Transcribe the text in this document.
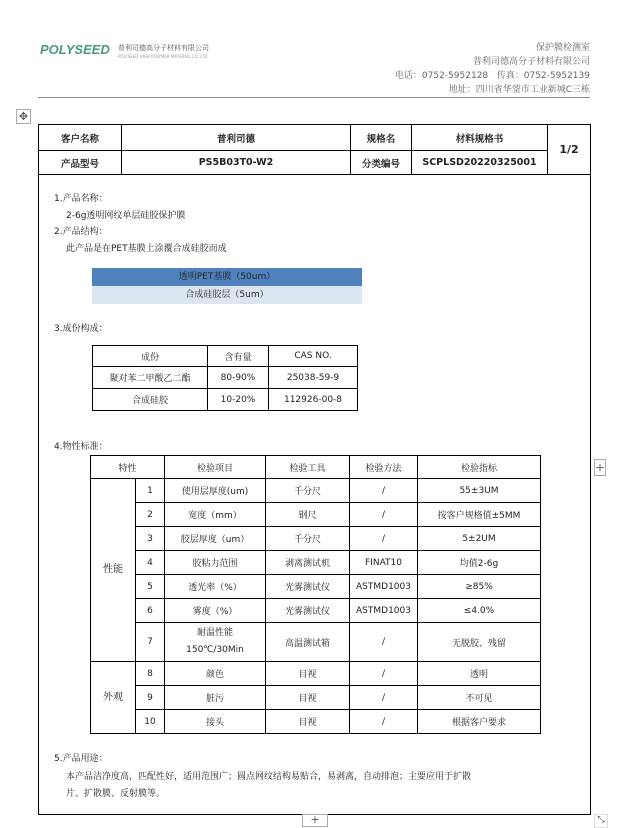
POLYSEED 普利司德高分子材料有限公司
POLYSEED HIGH POLYMER MATERIAL CO.,LTD
保护膜检测室
普利司德高分子材料有限公司
电话：0752-5952128 传真：0752-5952139
地址：四川省华蓥市工业新城C三栋
✥
客户名称	普利司德	规格名	材料规格书	1/2
产品型号	PS5B03T0-W2	分类编号	SCPLSD20220325001	
1.产品名称：
2-6g透明网纹单层硅胶保护膜
2.产品结构：
此产品是在PET基膜上涂覆合成硅胶而成
透明PET基膜（50um）
合成硅胶层（5um）
3.成份构成：
成份	含有量	CAS NO.
聚对苯二甲酸乙二酯	80-90%	25038-59-9
合成硅胶	10-20%	112926-00-8
4.物性标准：
特性		检验项目	检验工具	检验方法	检验指标
性能	1	使用层厚度(um)	千分尺	/	55±3UM
	2	宽度（mm）	钢尺	/	按客户规格值±5MM
	3	胶层厚度（um）	千分尺	/	5±2UM
	4	胶粘力范围	剥离测试机	FINAT10	均值2-6g
	5	透光率（%）	光雾测试仪	ASTMD1003	≥85%
	6	雾度（%）	光雾测试仪	ASTMD1003	≤4.0%
	7	耐温性能 150℃/30Min	高温测试箱	/	无脱胶、残留
外观	8	颜色	目视	/	透明
	9	脏污	目视	/	不可见
	10	接头	目视	/	根据客户要求
+
5.产品用途：
本产品洁净度高，匹配性好，适用范围广；圆点网纹结构易贴合，易剥离，自动排泡；主要应用于扩散
片、扩散膜、反射膜等。
+	⤡
